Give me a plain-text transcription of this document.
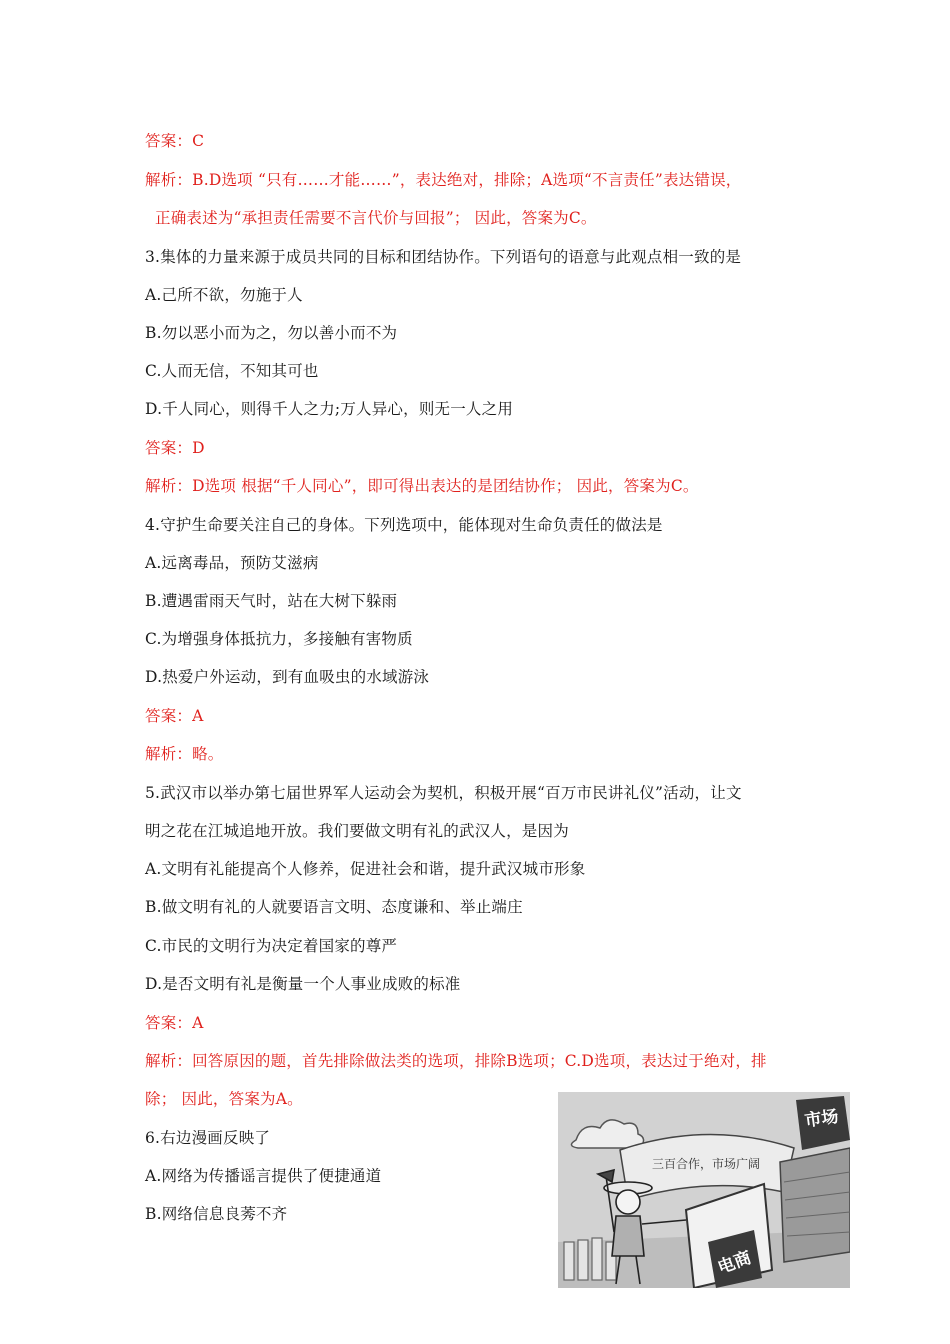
答案：C
解析：B.D选项 “只有……才能……”，表达绝对，排除；A选项“不言责任”表达错误，
正确表述为“承担责任需要不言代价与回报”； 因此，答案为C。
3.集体的力量来源于成员共同的目标和团结协作。下列语句的语意与此观点相一致的是
A.己所不欲，勿施于人
B.勿以恶小而为之，勿以善小而不为
C.人而无信，不知其可也
D.千人同心，则得千人之力;万人异心，则无一人之用
答案：D
解析：D选项 根据“千人同心”，即可得出表达的是团结协作； 因此，答案为C。
4.守护生命要关注自己的身体。下列选项中，能体现对生命负责任的做法是
A.远离毒品，预防艾滋病
B.遭遇雷雨天气时，站在大树下躲雨
C.为增强身体抵抗力，多接触有害物质
D.热爱户外运动，到有血吸虫的水域游泳
答案：A
解析：略。
5.武汉市以举办第七届世界军人运动会为契机，积极开展“百万市民讲礼仪”活动，让文
明之花在江城追地开放。我们要做文明有礼的武汉人，是因为
A.文明有礼能提高个人修养，促进社会和谐，提升武汉城市形象
B.做文明有礼的人就要语言文明、态度谦和、举止端庄
C.市民的文明行为决定着国家的尊严
D.是否文明有礼是衡量一个人事业成败的标准
答案：A
解析：回答原因的题，首先排除做法类的选项，排除B选项；C.D选项，表达过于绝对，排
除； 因此，答案为A。
6.右边漫画反映了
A.网络为传播谣言提供了便捷通道
B.网络信息良莠不齐
三百合作，市场广阔
电商
市场
